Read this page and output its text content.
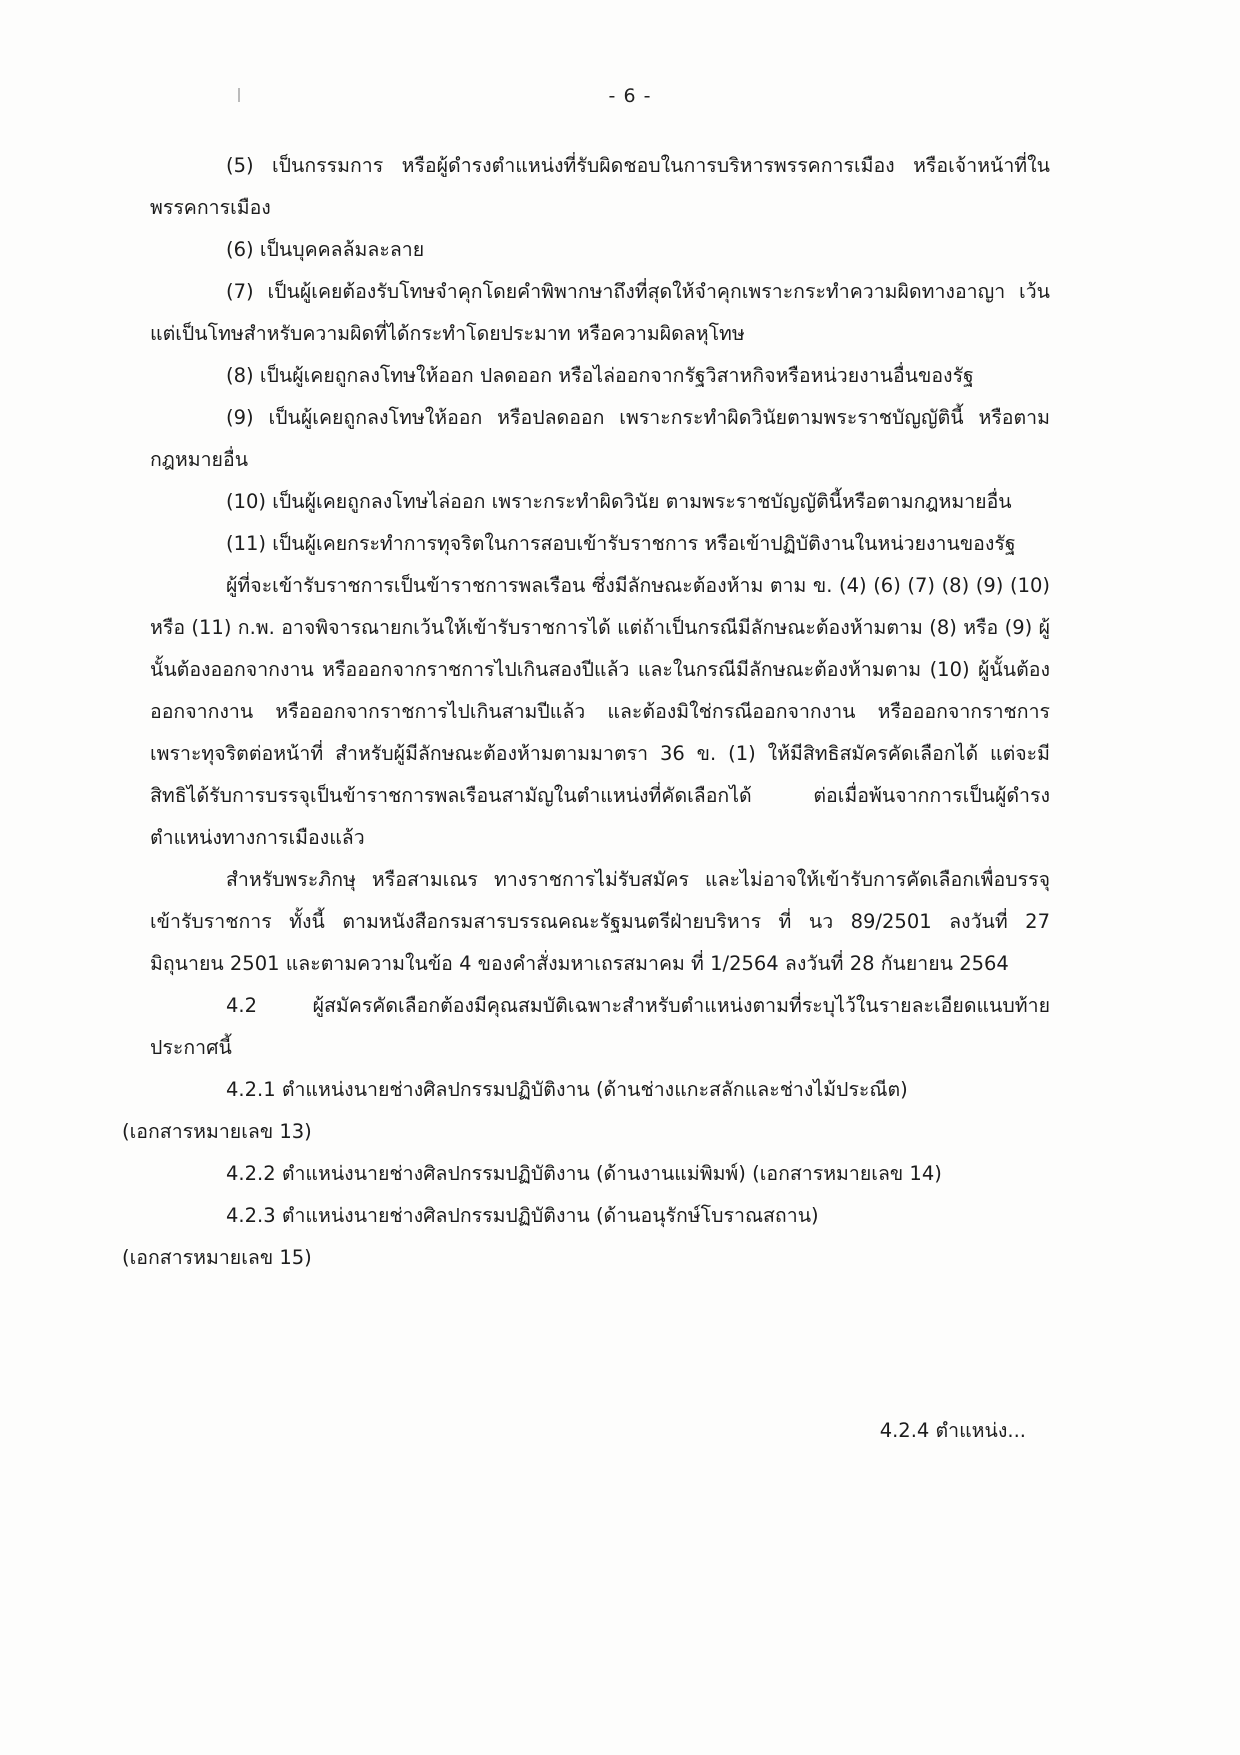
- 6 -

(5) เป็นกรรมการ หรือผู้ดำรงตำแหน่งที่รับผิดชอบในการบริหารพรรคการเมือง หรือเจ้าหน้าที่ในพรรคการเมือง

(6) เป็นบุคคลล้มละลาย

(7) เป็นผู้เคยต้องรับโทษจำคุกโดยคำพิพากษาถึงที่สุดให้จำคุกเพราะกระทำความผิดทางอาญา เว้นแต่เป็นโทษสำหรับความผิดที่ได้กระทำโดยประมาท หรือความผิดลหุโทษ

(8) เป็นผู้เคยถูกลงโทษให้ออก ปลดออก หรือไล่ออกจากรัฐวิสาหกิจหรือหน่วยงานอื่นของรัฐ

(9) เป็นผู้เคยถูกลงโทษให้ออก หรือปลดออก เพราะกระทำผิดวินัยตามพระราชบัญญัตินี้ หรือตามกฎหมายอื่น

(10) เป็นผู้เคยถูกลงโทษไล่ออก เพราะกระทำผิดวินัย ตามพระราชบัญญัตินี้หรือตามกฎหมายอื่น

(11) เป็นผู้เคยกระทำการทุจริตในการสอบเข้ารับราชการ หรือเข้าปฏิบัติงานในหน่วยงานของรัฐ

ผู้ที่จะเข้ารับราชการเป็นข้าราชการพลเรือน ซึ่งมีลักษณะต้องห้าม ตาม ข. (4) (6) (7) (8) (9) (10) หรือ (11) ก.พ. อาจพิจารณายกเว้นให้เข้ารับราชการได้ แต่ถ้าเป็นกรณีมีลักษณะต้องห้ามตาม (8) หรือ (9) ผู้นั้นต้องออกจากงาน หรือออกจากราชการไปเกินสองปีแล้ว และในกรณีมีลักษณะต้องห้ามตาม (10) ผู้นั้นต้องออกจากงาน หรือออกจากราชการไปเกินสามปีแล้ว และต้องมิใช่กรณีออกจากงาน หรือออกจากราชการเพราะทุจริตต่อหน้าที่ สำหรับผู้มีลักษณะต้องห้ามตามมาตรา 36 ข. (1) ให้มีสิทธิสมัครคัดเลือกได้ แต่จะมีสิทธิได้รับการบรรจุเป็นข้าราชการพลเรือนสามัญในตำแหน่งที่คัดเลือกได้ ต่อเมื่อพ้นจากการเป็นผู้ดำรงตำแหน่งทางการเมืองแล้ว

สำหรับพระภิกษุ หรือสามเณร ทางราชการไม่รับสมัคร และไม่อาจให้เข้ารับการคัดเลือกเพื่อบรรจุเข้ารับราชการ ทั้งนี้ ตามหนังสือกรมสารบรรณคณะรัฐมนตรีฝ่ายบริหาร ที่ นว 89/2501 ลงวันที่ 27 มิถุนายน 2501 และตามความในข้อ 4 ของคำสั่งมหาเถรสมาคม ที่ 1/2564 ลงวันที่ 28 กันยายน 2564

4.2 ผู้สมัครคัดเลือกต้องมีคุณสมบัติเฉพาะสำหรับตำแหน่งตามที่ระบุไว้ในรายละเอียดแนบท้ายประกาศนี้

4.2.1 ตำแหน่งนายช่างศิลปกรรมปฏิบัติงาน (ด้านช่างแกะสลักและช่างไม้ประณีต)

(เอกสารหมายเลข 13)

4.2.2 ตำแหน่งนายช่างศิลปกรรมปฏิบัติงาน (ด้านงานแม่พิมพ์) (เอกสารหมายเลข 14)

4.2.3 ตำแหน่งนายช่างศิลปกรรมปฏิบัติงาน (ด้านอนุรักษ์โบราณสถาน)

(เอกสารหมายเลข 15)

4.2.4 ตำแหน่ง...
